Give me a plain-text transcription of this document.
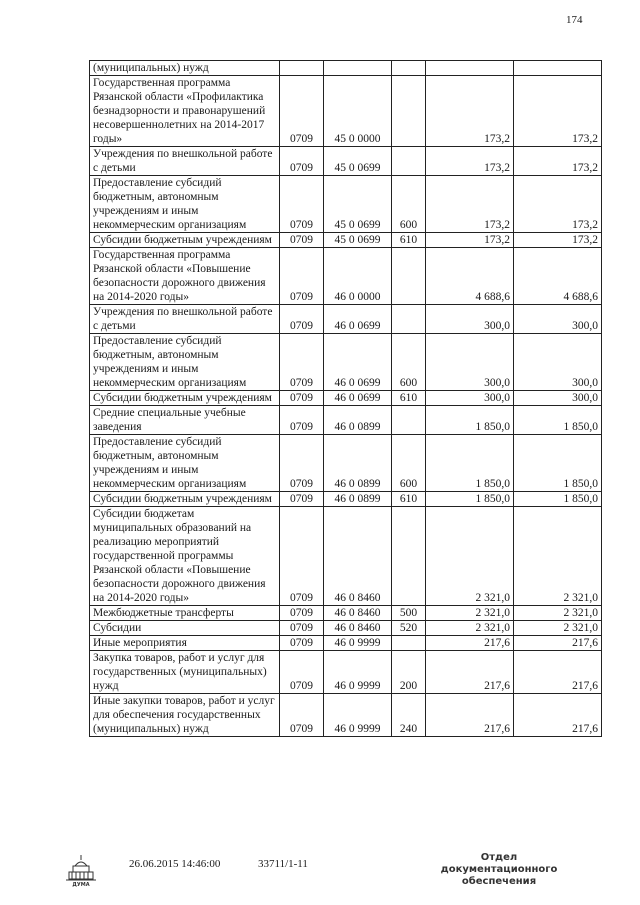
174
(муниципальных) нужд					
Государственная программа Рязанской области «Профилактика безнадзорности и правонарушений несовершеннолетних на 2014-2017 годы»	0709	45 0 0000		173,2	173,2
Учреждения по внешкольной работе с детьми	0709	45 0 0699		173,2	173,2
Предоставление субсидий бюджетным, автономным учреждениям и иным некоммерческим организациям	0709	45 0 0699	600	173,2	173,2
Субсидии бюджетным учреждениям	0709	45 0 0699	610	173,2	173,2
Государственная программа Рязанской области «Повышение безопасности дорожного движения на 2014-2020 годы»	0709	46 0 0000		4 688,6	4 688,6
Учреждения по внешкольной работе с детьми	0709	46 0 0699		300,0	300,0
Предоставление субсидий бюджетным, автономным учреждениям и иным некоммерческим организациям	0709	46 0 0699	600	300,0	300,0
Субсидии бюджетным учреждениям	0709	46 0 0699	610	300,0	300,0
Средние специальные учебные заведения	0709	46 0 0899		1 850,0	1 850,0
Предоставление субсидий бюджетным, автономным учреждениям и иным некоммерческим организациям	0709	46 0 0899	600	1 850,0	1 850,0
Субсидии бюджетным учреждениям	0709	46 0 0899	610	1 850,0	1 850,0
Субсидии бюджетам муниципальных образований на реализацию мероприятий государственной программы Рязанской области «Повышение безопасности дорожного движения на 2014-2020 годы»	0709	46 0 8460		2 321,0	2 321,0
Межбюджетные трансферты	0709	46 0 8460	500	2 321,0	2 321,0
Субсидии	0709	46 0 8460	520	2 321,0	2 321,0
Иные мероприятия	0709	46 0 9999		217,6	217,6
Закупка товаров, работ и услуг для государственных (муниципальных) нужд	0709	46 0 9999	200	217,6	217,6
Иные закупки товаров, работ и услуг для обеспечения государственных (муниципальных) нужд	0709	46 0 9999	240	217,6	217,6
ДУМА
26.06.2015 14:46:00	33711/1-11
Отдел документационного
обеспечения
